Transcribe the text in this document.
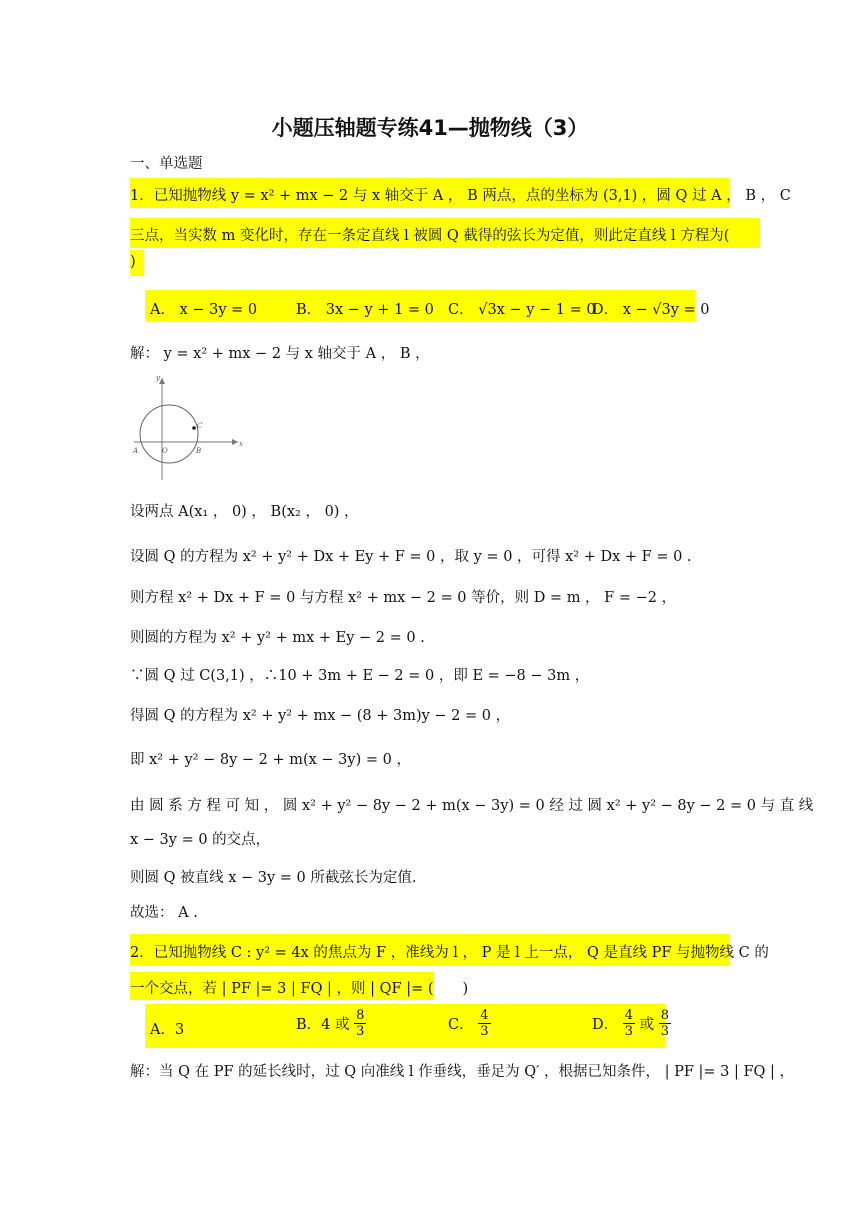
小题压轴题专练41—抛物线（3）
一、单选题
1．已知抛物线 y = x² + mx − 2 与 x 轴交于 A ， B 两点，点的坐标为 (3,1) ，圆 Q 过 A ， B ， C
三点，当实数 m 变化时，存在一条定直线 l 被圆 Q 截得的弦长为定值，则此定直线 l 方程为(
)
A． x − 3y = 0	B． 3x − y + 1 = 0 C． √3x − y − 1 = 0
D． x − √3y = 0
解： y = x² + mx − 2 与 x 轴交于 A ， B ，
y
x
A	O	B
C
设两点 A(x₁ ， 0) ， B(x₂ ， 0) ，
设圆 Q 的方程为 x² + y² + Dx + Ey + F = 0 ，取 y = 0 ，可得 x² + Dx + F = 0 .
则方程 x² + Dx + F = 0 与方程 x² + mx − 2 = 0 等价，则 D = m ， F = −2 ，
则圆的方程为 x² + y² + mx + Ey − 2 = 0 .
∵圆 Q 过 C(3,1) ，∴10 + 3m + E − 2 = 0 ，即 E = −8 − 3m ，
得圆 Q 的方程为 x² + y² + mx − (8 + 3m)y − 2 = 0 ，
即 x² + y² − 8y − 2 + m(x − 3y) = 0 ，
由 圆 系 方 程 可 知 ， 圆 x² + y² − 8y − 2 + m(x − 3y) = 0 经 过 圆 x² + y² − 8y − 2 = 0 与 直 线
x − 3y = 0 的交点，
则圆 Q 被直线 x − 3y = 0 所截弦长为定值.
故选： A .
2．已知抛物线 C : y² = 4x 的焦点为 F ，准线为 l ， P 是 l 上一点， Q 是直线 PF 与抛物线 C 的
一个交点，若 | PF |= 3 | FQ | ，则 | QF |= (　　)
A．3	B．4 或 $\frac{8}{3}$	C． $\frac{4}{3}$	D． $\frac{4}{3}$ 或 $\frac{8}{3}$
解：当 Q 在 PF 的延长线时，过 Q 向准线 l 作垂线，垂足为 Q′ ，根据已知条件， | PF |= 3 | FQ | ，
